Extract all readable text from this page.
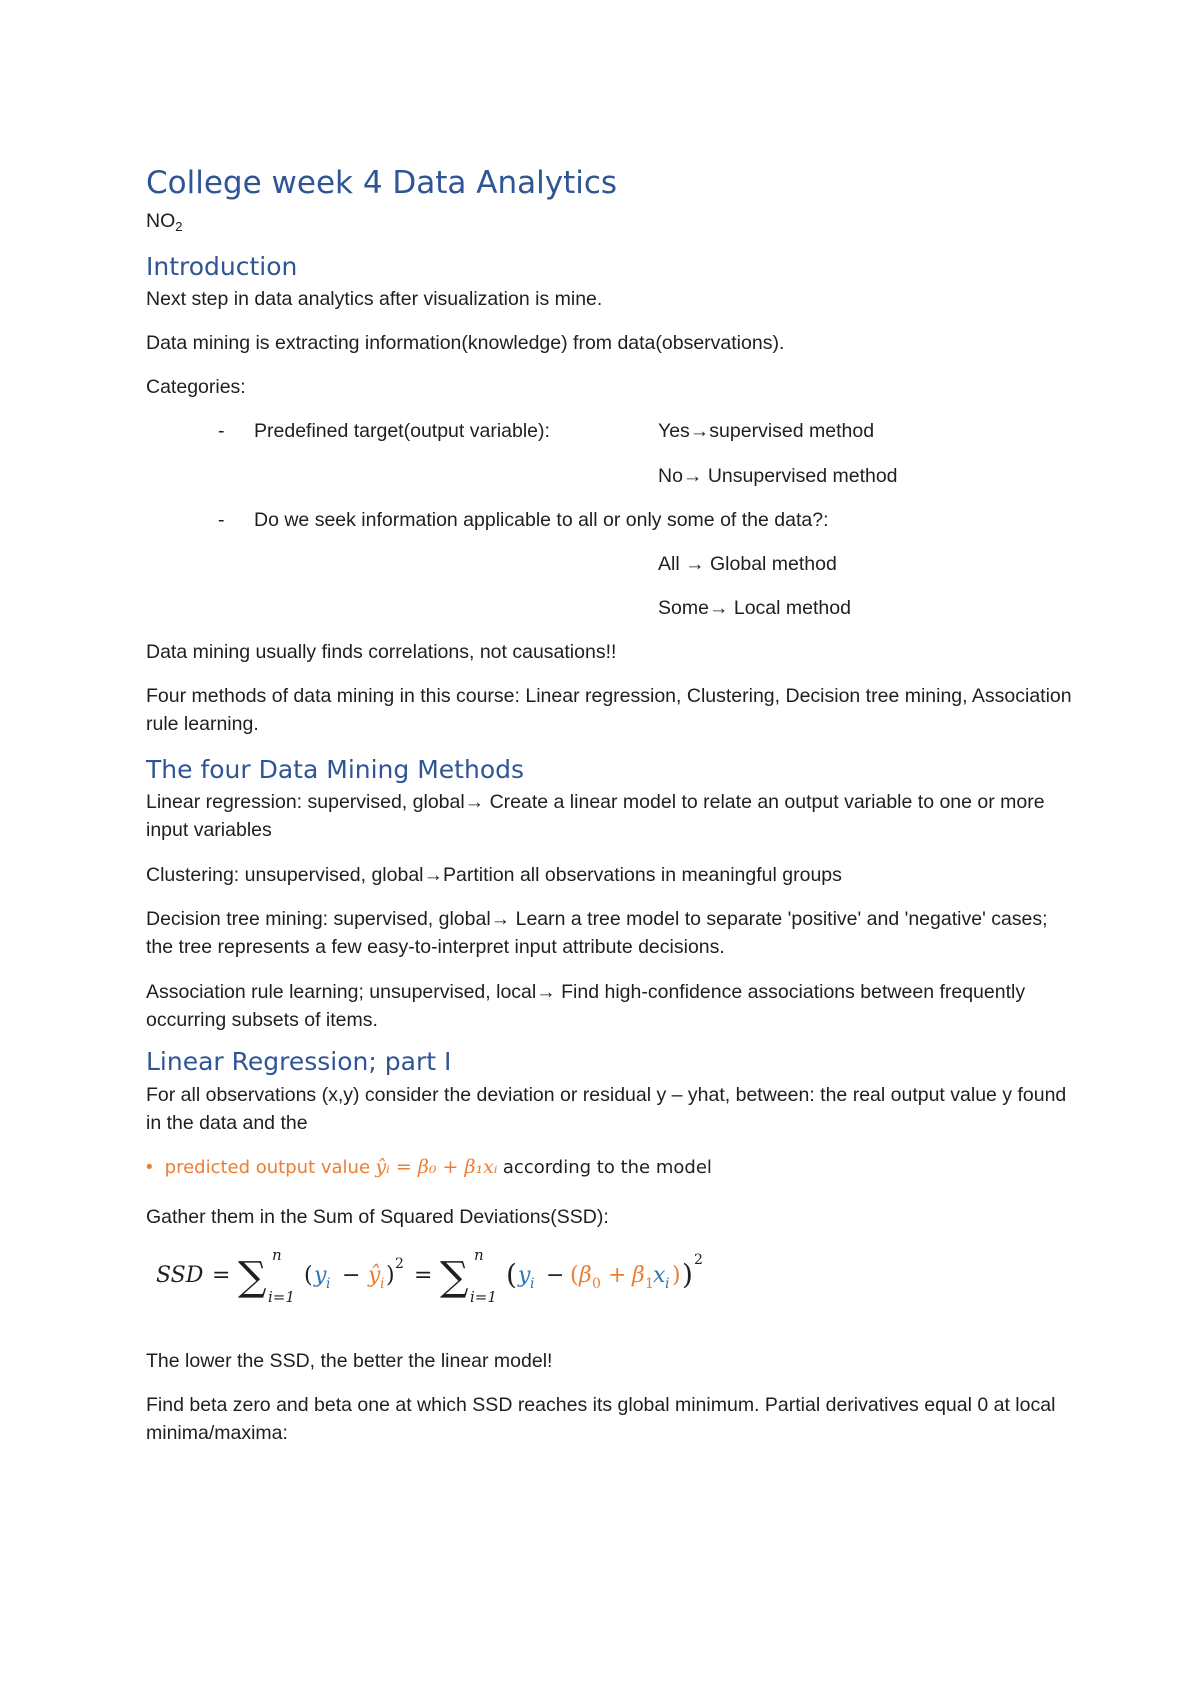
College week 4 Data Analytics

$NO_2$

Introduction

Next step in data analytics after visualization is mine.

Data mining is extracting information(knowledge) from data(observations).

Categories:

- Predefined target(output variable):	Yes→supervised method
No→ Unsupervised method
- Do we seek information applicable to all or only some of the data?:
All → Global method
Some→ Local method

Data mining usually finds correlations, not causations!!

Four methods of data mining in this course: Linear regression, Clustering, Decision tree mining, Association rule learning.

The four Data Mining Methods

Linear regression: supervised, global→ Create a linear model to relate an output variable to one or more input variables

Clustering: unsupervised, global→Partition all observations in meaningful groups

Decision tree mining: supervised, global→ Learn a tree model to separate 'positive' and 'negative' cases; the tree represents a few easy-to-interpret input attribute decisions.

Association rule learning; unsupervised, local→ Find high-confidence associations between frequently occurring subsets of items.

Linear Regression; part I

For all observations (x,y) consider the deviation or residual y – yhat, between: the real output value y found in the data and the

• predicted output value ŷᵢ = β₀ + β₁xᵢ according to the model

Gather them in the Sum of Squared Deviations(SSD):

SSD = ∑ n
i=1
( y i − ŷ i ) 2 = ∑ n
i=1
( y i − ( β 0 + β 1 x i ) ) 2

The lower the SSD, the better the linear model!

Find beta zero and beta one at which SSD reaches its global minimum. Partial derivatives equal 0 at local minima/maxima:
